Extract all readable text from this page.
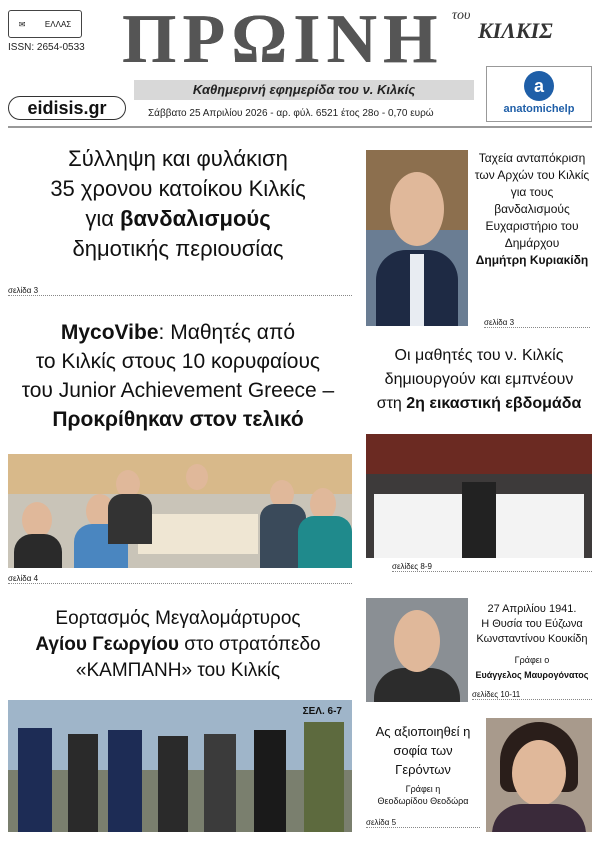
✉ ΕΛΛΑΣ
ISSN: 2654-0533 ΠΡΩΙΝΗ του
ΚΙΛΚΙΣ
Καθημερινή εφημερίδα του ν. Κιλκίς
eidisis.gr	Σάββατο 25 Απριλίου 2026 - αρ. φύλ. 6521 έτος 28ο - 0,70 ευρώ
a
anatomichelp
Σύλληψη και φυλάκιση
35 χρονου κατοίκου Κιλκίς
για βανδαλισμούς
δημοτικής περιουσίας
σελίδα 3
Ταχεία ανταπόκριση των Αρχών του Κιλκίς για τους βανδαλισμούς Ευχαριστήριο του Δημάρχου
Δημήτρη Κυριακίδη
σελίδα 3
MycoVibe: Μαθητές από
το Κιλκίς στους 10 κορυφαίους
του Junior Achievement Greece –
Προκρίθηκαν στον τελικό
σελίδα 4
Οι μαθητές του ν. Κιλκίς
δημιουργούν και εμπνέουν
στη 2η εικαστική εβδομάδα
σελίδες 8-9
Εορτασμός Μεγαλομάρτυρος
Αγίου Γεωργίου στο στρατόπεδο
«ΚΑΜΠΑΝΗ» του Κιλκίς
ΣΕΛ. 6-7
27 Απριλίου 1941.
Η Θυσία του Εύζωνα Κωνσταντίνου Κουκίδη
Γράφει ο
Ευάγγελος Μαυρογόνατος
σελίδες 10-11
Ας αξιοποιηθεί η σοφία των Γερόντων
Γράφει η
Θεοδωρίδου Θεοδώρα
σελίδα 5
